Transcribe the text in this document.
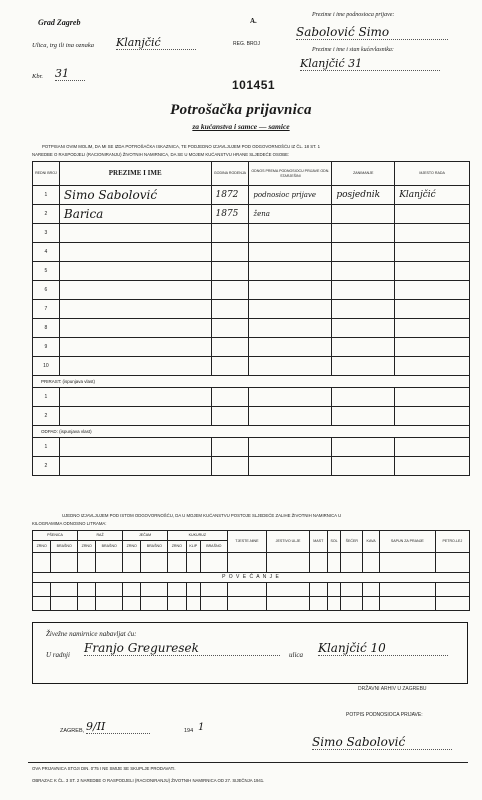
Grad Zagreb
Ulica, trg ili ina oznaka Klanjčić
Kbr. 31
A.
REG. BROJ
101451
Prezime i ime podnosioca prijave:
Sabolović Simo
Prezime i ime i stan kućevlasnika:
Klanjčić 31
Potrošačka prijavnica
za kućanstva i samce — samice
POTPISANI OVIM MOLIM, DA MI SE IZDA POTROŠAČKA ISKAZNICA, TE PODJEDNO IZJAVLJUJEM POD ODGOVORNOŠĆU IZ ČL. 18 ST. 1
NAREDBE O RASPODJELI (RACIONIRANJU) ŽIVOTNIH NAMIRNICA, DA SE U MOJEM KUĆANSTVU HRANE SLJEDEĆE OSOBE:
REDNI BROJ	PREZIME I IME	GODINA RODENJA	ODNOS PREMA PODNOSIOCU PRIJAVE ODN. STARJEŠINI	ZANIMANJE	MJESTO RADA
1	Simo Sabolović	1872	podnosioc prijave	posjednik	Klanjčić
2	Barica	1875	žena		
3					
4					
5					
6					
7					
8					
9					
10					
PRIRAST: (ispunjava vlast)					
1					
2					
ODPAD: (ispunjava vlast)					
1					
2					
UJEDNO IZJAVLJUJEM POD ISTOM ODGOVORNOŠĆU, DA U MOJEM KUĆANSTVU POSTOJE SLJEDEĆE ZALIHE ŽIVOTNIH NAMIRNICA U
KILOGRAMIMA ODNOSNO LITRAMA:
PŠENICA		RAŽ		JEČAM		KUKURUZ			TJESTE-NINE	JESTIVO ULJE	MAST	SOL	ŠEĆER	KAVA	SAPUN ZA PRANJE	PETRO-LEJ
ZRNO	BRAŠNO	ZRNO	BRAŠNO	ZRNO	BRAŠNO	ZRNO	KLIP	BRAŠNO								

P O V E Ć A N J E																

Živežne namirnice nabavljat ću:
U radnji Franjo Greguresek	ulica Klanjčić 10
DRŽAVNI ARHIV U ZAGREBU
ZAGREB, 9/II	194 1
POTPIS PODNOSIOCA PRIJAVE:
Simo Sabolović
OVA PRIJAVNICA STOJI DIN. 0'75 I NE SMIJE SE SKUPLJE PRODAVATI.
OBRAZAC K ČL. 3 ST. 2 NAREDBE O RASPODJELI (RACIONIRANJU) ŽIVOTNIH NAMIRNICA OD 27. SIJEČNJA 1941.
